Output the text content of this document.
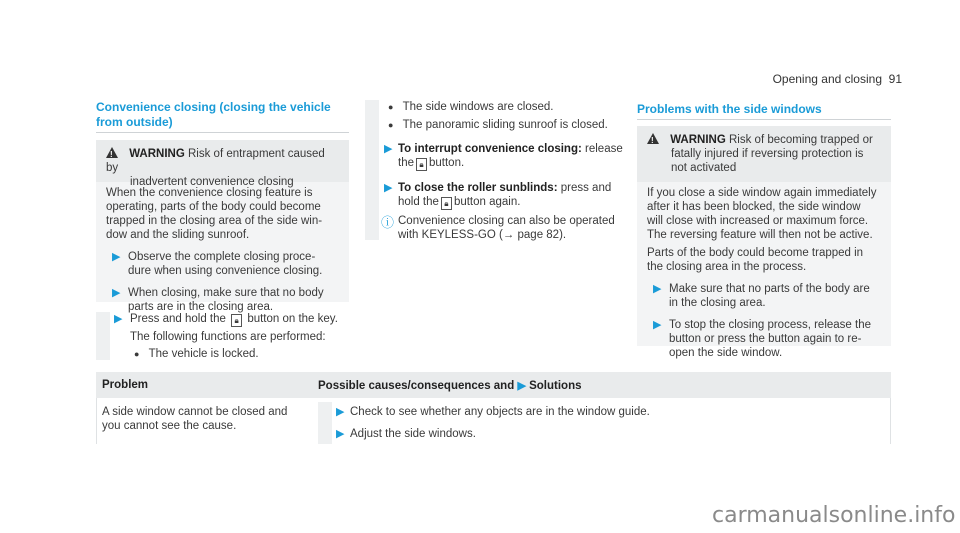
Opening and closing 91
Convenience closing (closing the vehicle
from outside)
! WARNING Risk of entrapment caused by
inadvertent convenience closing
When the convenience closing feature is
operating, parts of the body could become
trapped in the closing area of the side win-
dow and the sliding sunroof.
▶ Observe the complete closing proce-
dure when using convenience closing.
▶ When closing, make sure that no body
parts are in the closing area.
▶ Press and hold the 🔒︎ button on the key.
The following functions are performed:
● The vehicle is locked.
● The side windows are closed.
● The panoramic sliding sunroof is closed.
▶ To interrupt convenience closing: release
the 🔒︎ button.
▶ To close the roller sunblinds: press and
hold the 🔒︎ button again.
ⓘ Convenience closing can also be operated
with KEYLESS-GO (→ page 82).
Problems with the side windows
! WARNING Risk of becoming trapped or
fatally injured if reversing protection is
not activated
If you close a side window again immediately
after it has been blocked, the side window
will close with increased or maximum force.
The reversing feature will then not be active.
Parts of the body could become trapped in
the closing area in the process.
▶ Make sure that no parts of the body are
in the closing area.
▶ To stop the closing process, release the
button or press the button again to re-
open the side window.
Problem	Possible causes/consequences and ▶ Solutions
A side window cannot be closed and
you cannot see the cause.
▶ Check to see whether any objects are in the window guide.
▶ Adjust the side windows.
carmanualsonline.info
